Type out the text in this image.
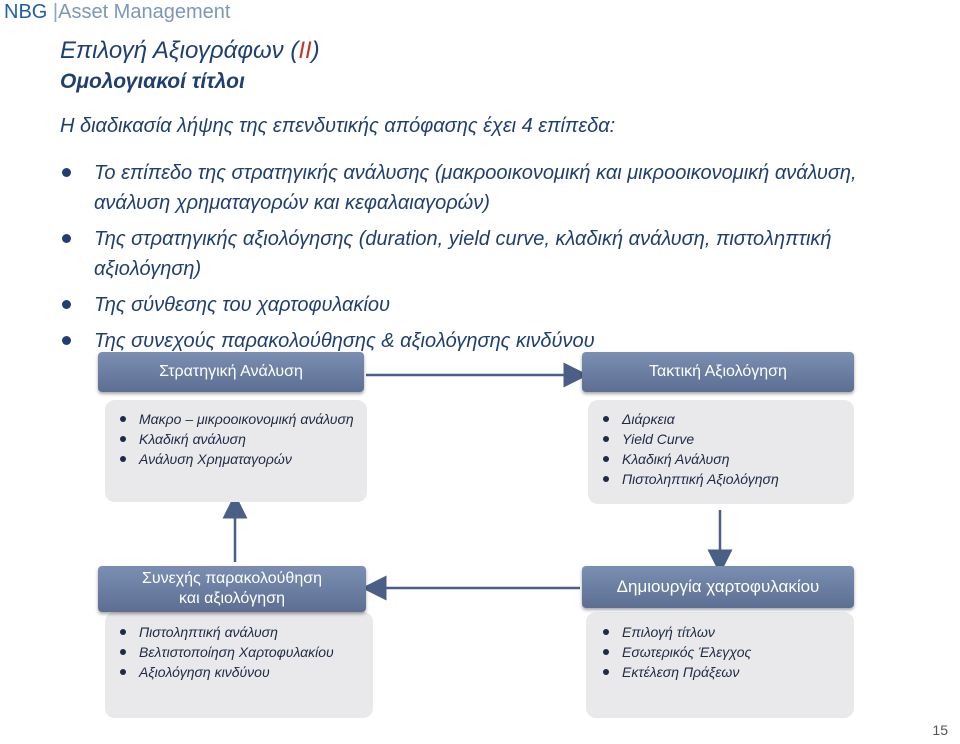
NBG |Asset Management
Επιλογή Αξιογράφων (II)
Ομολογιακοί τίτλοι
Η διαδικασία λήψης της επενδυτικής απόφασης έχει 4 επίπεδα:
Το επίπεδο της στρατηγικής ανάλυσης (μακροοικονομική και μικροοικονομική ανάλυση, ανάλυση χρηματαγορών και κεφαλαιαγορών)
Της στρατηγικής αξιολόγησης (duration, yield curve, κλαδική ανάλυση, πιστοληπτική αξιολόγηση)
Της σύνθεσης του χαρτοφυλακίου
Της συνεχούς παρακολούθησης & αξιολόγησης κινδύνου
Στρατηγική Ανάλυση
Μακρο – μικροοικονομική ανάλυση
Κλαδική ανάλυση
Ανάλυση Χρηματαγορών
Τακτική Αξιολόγηση
Διάρκεια
Yield Curve
Κλαδική Ανάλυση
Πιστοληπτική Αξιολόγηση
Συνεχής παρακολούθηση και αξιολόγηση
Πιστοληπτική ανάλυση
Βελτιστοποίηση Χαρτοφυλακίου
Αξιολόγηση κινδύνου
Δημιουργία χαρτοφυλακίου
Επιλογή τίτλων
Εσωτερικός Έλεγχος
Εκτέλεση Πράξεων
15
